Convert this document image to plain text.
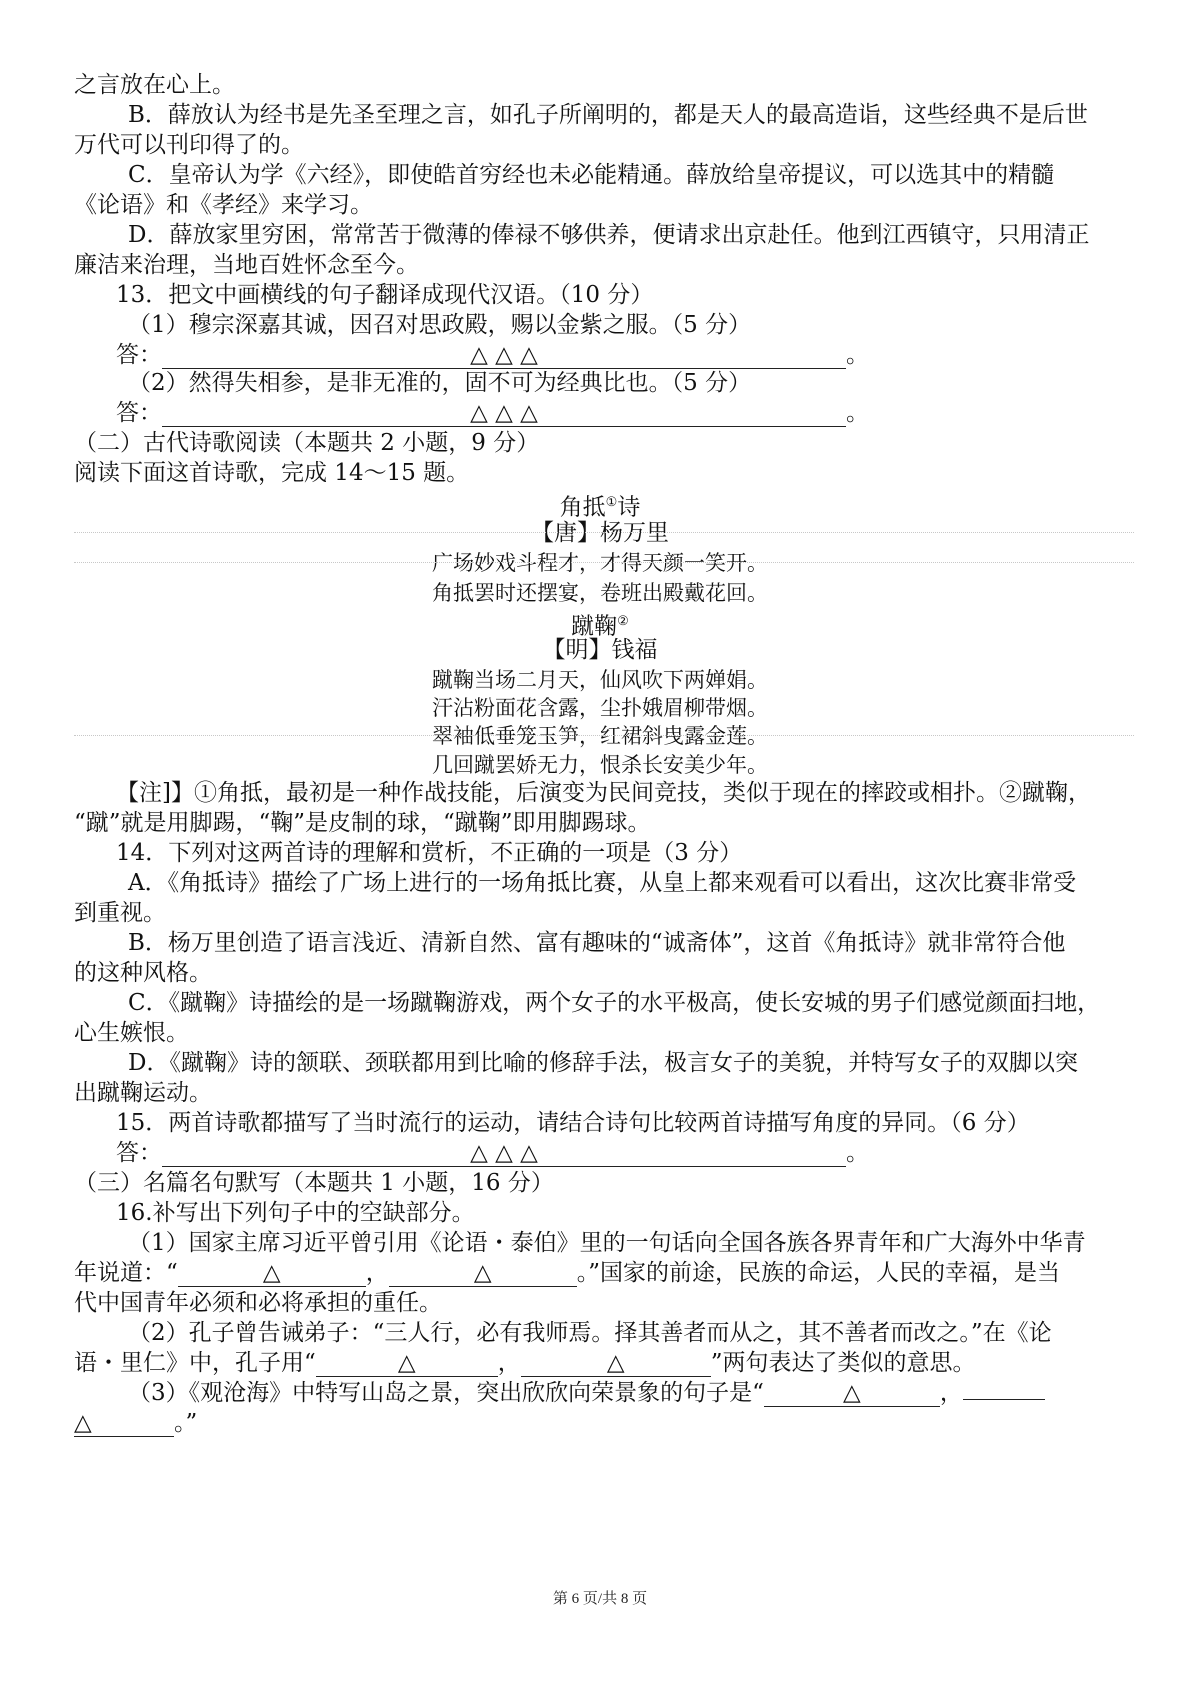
之言放在心上。
B．薛放认为经书是先圣至理之言，如孔子所阐明的，都是天人的最高造诣，这些经典不是后世
万代可以刊印得了的。
C．皇帝认为学《六经》，即使皓首穷经也未必能精通。薛放给皇帝提议，可以选其中的精髓
《论语》和《孝经》来学习。
D．薛放家里穷困，常常苦于微薄的俸禄不够供养，便请求出京赴任。他到江西镇守，只用清正
廉洁来治理，当地百姓怀念至今。
13．把文中画横线的句子翻译成现代汉语。（10 分）
（1）穆宗深嘉其诚，因召对思政殿，赐以金紫之服。（5 分）
答：	△ △ △	。
（2）然得失相参，是非无准的，固不可为经典比也。（5 分）
答：	△ △ △	。
（二）古代诗歌阅读（本题共 2 小题，9 分）
阅读下面这首诗歌，完成 14～15 题。
角抵①诗
【唐】杨万里
广场妙戏斗程才，才得天颜一笑开。
角抵罢时还摆宴，卷班出殿戴花回。
蹴鞠②
【明】钱福
蹴鞠当场二月天，仙风吹下两婵娟。
汗沾粉面花含露，尘扑娥眉柳带烟。
翠袖低垂笼玉笋，红裙斜曳露金莲。
几回蹴罢娇无力，恨杀长安美少年。
【注]】①角抵，最初是一种作战技能，后演变为民间竞技，类似于现在的摔跤或相扑。②蹴鞠，
“蹴”就是用脚踢，“鞠”是皮制的球，“蹴鞠”即用脚踢球。
14．下列对这两首诗的理解和赏析，不正确的一项是（3 分）
A．《角抵诗》描绘了广场上进行的一场角抵比赛，从皇上都来观看可以看出，这次比赛非常受
到重视。
B．杨万里创造了语言浅近、清新自然、富有趣味的“诚斋体”，这首《角抵诗》就非常符合他
的这种风格。
C．《蹴鞠》诗描绘的是一场蹴鞠游戏，两个女子的水平极高，使长安城的男子们感觉颜面扫地，
心生嫉恨。
D．《蹴鞠》诗的颔联、颈联都用到比喻的修辞手法，极言女子的美貌，并特写女子的双脚以突
出蹴鞠运动。
15．两首诗歌都描写了当时流行的运动，请结合诗句比较两首诗描写角度的异同。（6 分）
答：	△ △ △	。
（三）名篇名句默写（本题共 1 小题，16 分）
16.补写出下列句子中的空缺部分。
（1）国家主席习近平曾引用《论语・泰伯》里的一句话向全国各族各界青年和广大海外中华青
年说道：“	△	，	△	。”国家的前途，民族的命运，人民的幸福，是当
代中国青年必须和必将承担的重任。
（2）孔子曾告诫弟子：“三人行，必有我师焉。择其善者而从之，其不善者而改之。”在《论
语・里仁》中，孔子用“	△	，	△	”两句表达了类似的意思。
（3）《观沧海》中特写山岛之景，突出欣欣向荣景象的句子是“	△	，
△	。”
第 6 页/共 8 页
